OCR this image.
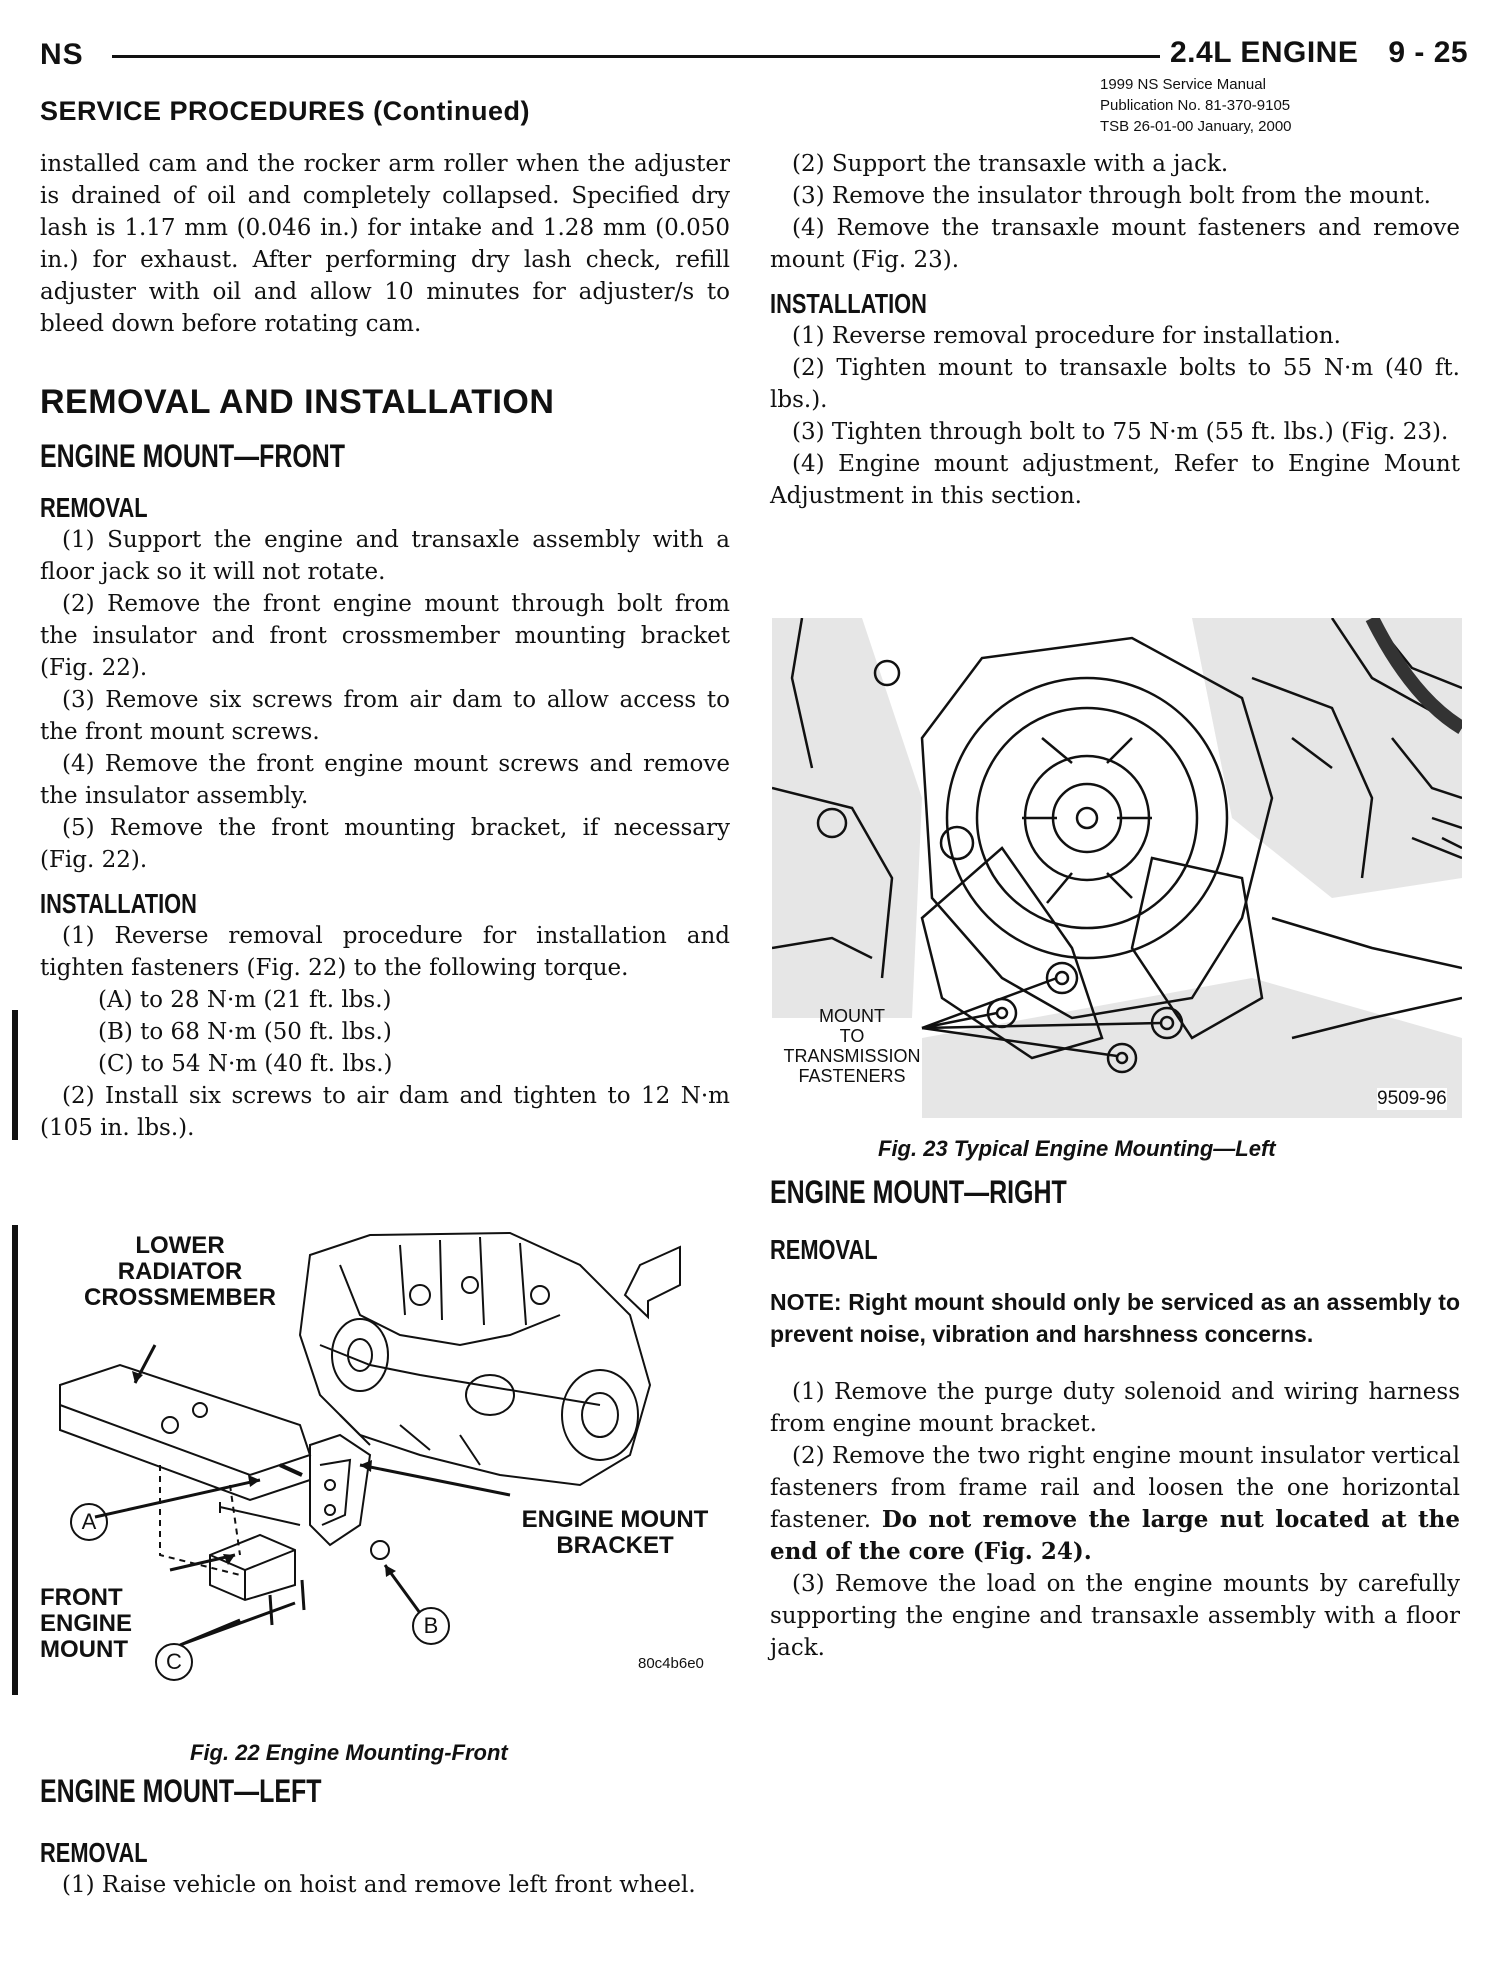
NS	2.4L ENGINE 9 - 25
1999 NS Service Manual
Publication No. 81-370-9105
TSB 26-01-00 January, 2000
SERVICE PROCEDURES (Continued)

installed cam and the rocker arm roller when the adjuster is drained of oil and completely collapsed. Specified dry lash is 1.17 mm (0.046 in.) for intake and 1.28 mm (0.050 in.) for exhaust. After performing dry lash check, refill adjuster with oil and allow 10 minutes for adjuster/s to bleed down before rotating cam.

REMOVAL AND INSTALLATION
ENGINE MOUNT—FRONT
REMOVAL

(1) Support the engine and transaxle assembly with a floor jack so it will not rotate.

(2) Remove the front engine mount through bolt from the insulator and front crossmember mounting bracket (Fig. 22).

(3) Remove six screws from air dam to allow access to the front mount screws.

(4) Remove the front engine mount screws and remove the insulator assembly.

(5) Remove the front mounting bracket, if necessary (Fig. 22).

INSTALLATION

(1) Reverse removal procedure for installation and tighten fasteners (Fig. 22) to the following torque.

(A) to 28 N·m (21 ft. lbs.)

(B) to 68 N·m (50 ft. lbs.)

(C) to 54 N·m (40 ft. lbs.)

(2) Install six screws to air dam and tighten to 12 N·m (105 in. lbs.).

LOWER
RADIATOR
CROSSMEMBER
ENGINE MOUNT
BRACKET
FRONT
ENGINE
MOUNT
A
B
C	80c4b6e0
Fig. 22 Engine Mounting-Front
ENGINE MOUNT—LEFT
REMOVAL

(1) Raise vehicle on hoist and remove left front wheel.

(2) Support the transaxle with a jack.

(3) Remove the insulator through bolt from the mount.

(4) Remove the transaxle mount fasteners and remove mount (Fig. 23).

INSTALLATION

(1) Reverse removal procedure for installation.

(2) Tighten mount to transaxle bolts to 55 N·m (40 ft. lbs.).

(3) Tighten through bolt to 75 N·m (55 ft. lbs.) (Fig. 23).

(4) Engine mount adjustment, Refer to Engine Mount Adjustment in this section.

MOUNT
TO
TRANSMISSION
FASTENERS
9509-96
Fig. 23 Typical Engine Mounting—Left
ENGINE MOUNT—RIGHT
REMOVAL

NOTE: Right mount should only be serviced as an assembly to prevent noise, vibration and harshness concerns.

(1) Remove the purge duty solenoid and wiring harness from engine mount bracket.

(2) Remove the two right engine mount insulator vertical fasteners from frame rail and loosen the one horizontal fastener. Do not remove the large nut located at the end of the core (Fig. 24).

(3) Remove the load on the engine mounts by carefully supporting the engine and transaxle assembly with a floor jack.
